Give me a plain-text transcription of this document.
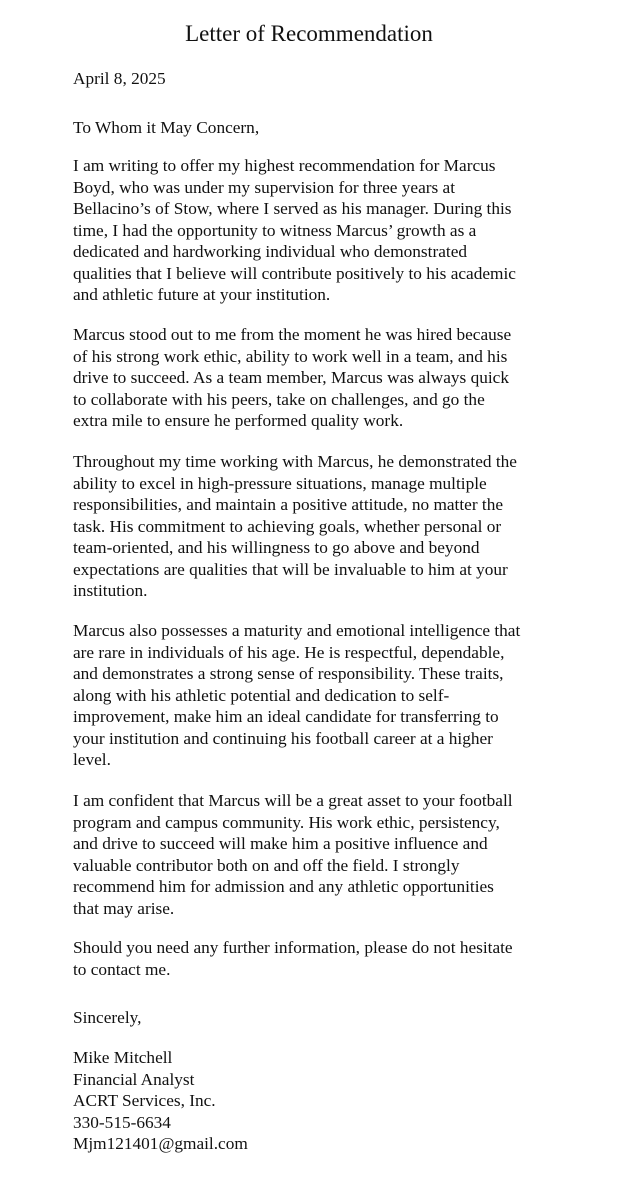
Letter of Recommendation

April 8, 2025

To Whom it May Concern,

I am writing to offer my highest recommendation for Marcus
Boyd, who was under my supervision for three years at
Bellacino’s of Stow, where I served as his manager. During this
time, I had the opportunity to witness Marcus’ growth as a
dedicated and hardworking individual who demonstrated
qualities that I believe will contribute positively to his academic
and athletic future at your institution.

Marcus stood out to me from the moment he was hired because
of his strong work ethic, ability to work well in a team, and his
drive to succeed. As a team member, Marcus was always quick
to collaborate with his peers, take on challenges, and go the
extra mile to ensure he performed quality work.

Throughout my time working with Marcus, he demonstrated the
ability to excel in high-pressure situations, manage multiple
responsibilities, and maintain a positive attitude, no matter the
task. His commitment to achieving goals, whether personal or
team-oriented, and his willingness to go above and beyond
expectations are qualities that will be invaluable to him at your
institution.

Marcus also possesses a maturity and emotional intelligence that
are rare in individuals of his age. He is respectful, dependable,
and demonstrates a strong sense of responsibility. These traits,
along with his athletic potential and dedication to self-
improvement, make him an ideal candidate for transferring to
your institution and continuing his football career at a higher
level.

I am confident that Marcus will be a great asset to your football
program and campus community. His work ethic, persistency,
and drive to succeed will make him a positive influence and
valuable contributor both on and off the field. I strongly
recommend him for admission and any athletic opportunities
that may arise.

Should you need any further information, please do not hesitate
to contact me.

Sincerely,

Mike Mitchell
Financial Analyst
ACRT Services, Inc.
330-515-6634
Mjm121401@gmail.com
